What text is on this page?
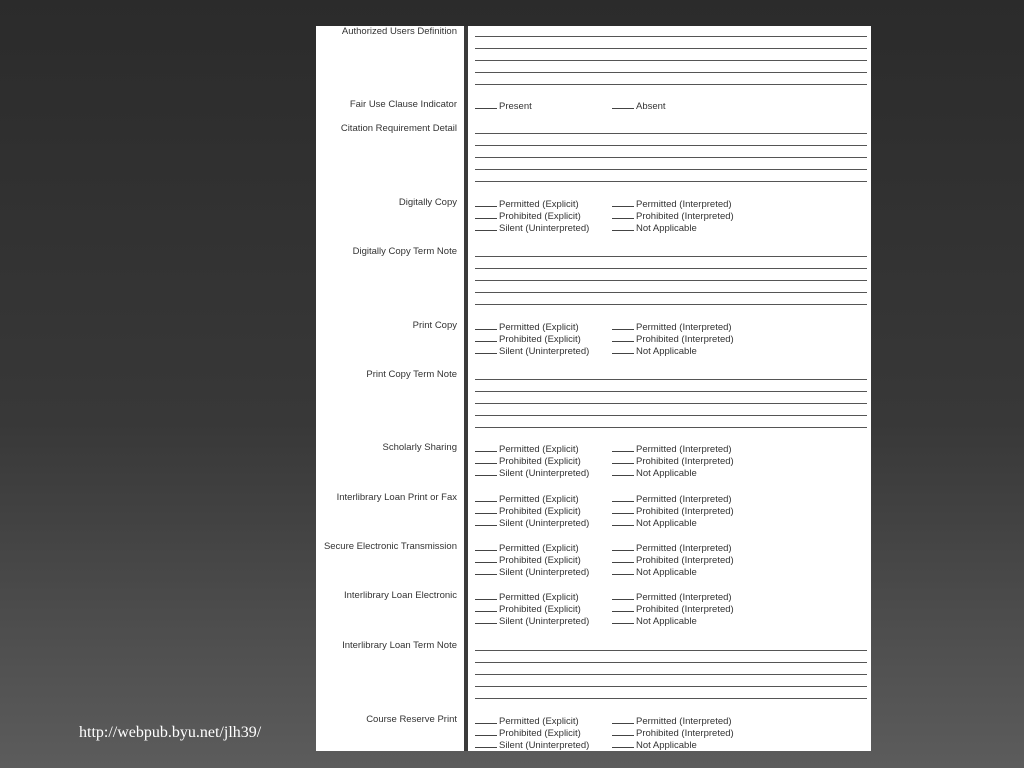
http://webpub.byu.net/jlh39/
Authorized Users Definition
Fair Use Clause Indicator	Present	Absent
Citation Requirement Detail
Digitally Copy	Permitted (Explicit)	Permitted (Interpreted)
Prohibited (Explicit)	Prohibited (Interpreted)
Silent (Uninterpreted)	Not Applicable
Digitally Copy Term Note
Print Copy	Permitted (Explicit)	Permitted (Interpreted)
Prohibited (Explicit)	Prohibited (Interpreted)
Silent (Uninterpreted)	Not Applicable
Print Copy Term Note
Scholarly Sharing	Permitted (Explicit)	Permitted (Interpreted)
Prohibited (Explicit)	Prohibited (Interpreted)
Silent (Uninterpreted)	Not Applicable
Interlibrary Loan Print or Fax	Permitted (Explicit)	Permitted (Interpreted)
Prohibited (Explicit)	Prohibited (Interpreted)
Silent (Uninterpreted)	Not Applicable
Secure Electronic Transmission	Permitted (Explicit)	Permitted (Interpreted)
Prohibited (Explicit)	Prohibited (Interpreted)
Silent (Uninterpreted)	Not Applicable
Interlibrary Loan Electronic	Permitted (Explicit)	Permitted (Interpreted)
Prohibited (Explicit)	Prohibited (Interpreted)
Silent (Uninterpreted)	Not Applicable
Interlibrary Loan Term Note
Course Reserve Print	Permitted (Explicit)	Permitted (Interpreted)
Prohibited (Explicit)	Prohibited (Interpreted)
Silent (Uninterpreted)	Not Applicable
